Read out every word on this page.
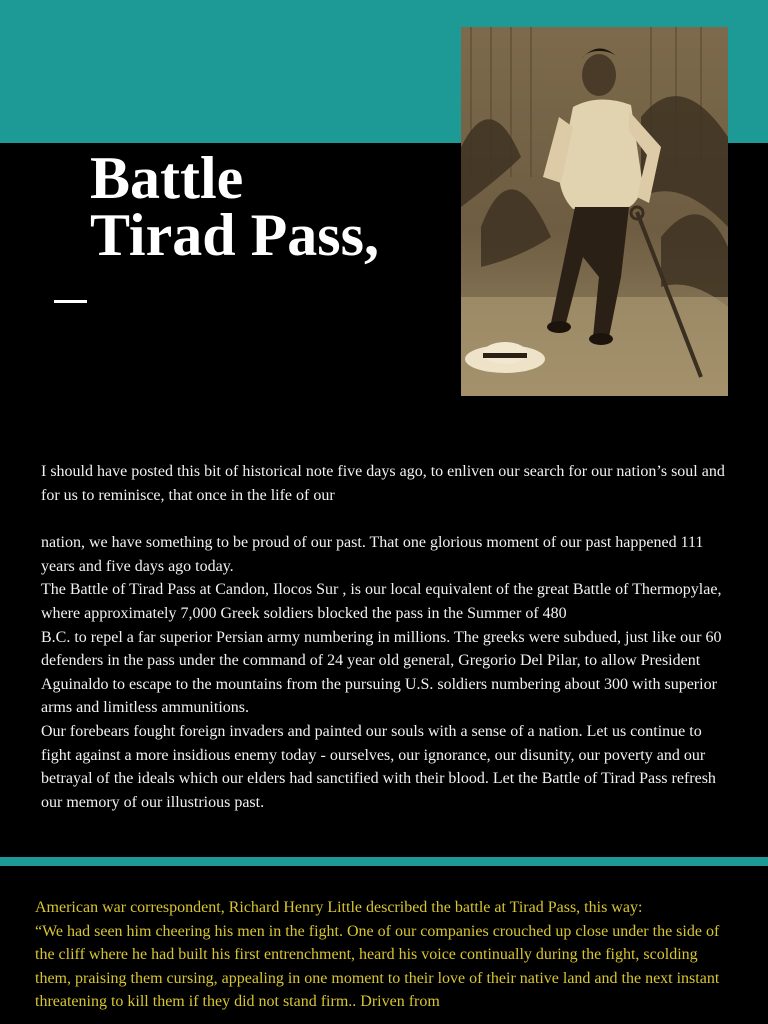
Battle
Tirad Pass,

I should have posted this bit of historical note five days ago, to enliven our search for our nation’s soul and for us to reminisce, that once in the life of our

nation, we have something to be proud of our past. That one glorious moment of our past happened 111 years and five days ago today.

The Battle of Tirad Pass at Candon, Ilocos Sur , is our local equivalent of the great Battle of Thermopylae, where approximately 7,000 Greek soldiers blocked the pass in the Summer of 480

B.C. to repel a far superior Persian army numbering in millions. The greeks were subdued, just like our 60 defenders in the pass under the command of 24 year old general, Gregorio Del Pilar, to allow President Aguinaldo to escape to the mountains from the pursuing U.S. soldiers numbering about 300 with superior arms and limitless ammunitions.

Our forebears fought foreign invaders and painted our souls with a sense of a nation. Let us continue to fight against a more insidious enemy today - ourselves, our ignorance, our disunity, our poverty and our betrayal of the ideals which our elders had sanctified with their blood. Let the Battle of Tirad Pass refresh our memory of our illustrious past.

American war correspondent, Richard Henry Little described the battle at Tirad Pass, this way:

“We had seen him cheering his men in the fight. One of our companies crouched up close under the side of the cliff where he had built his first entrenchment, heard his voice continually during the fight, scolding them, praising them cursing, appealing in one moment to their love of their native land and the next instant threatening to kill them if they did not stand firm.. Driven from
